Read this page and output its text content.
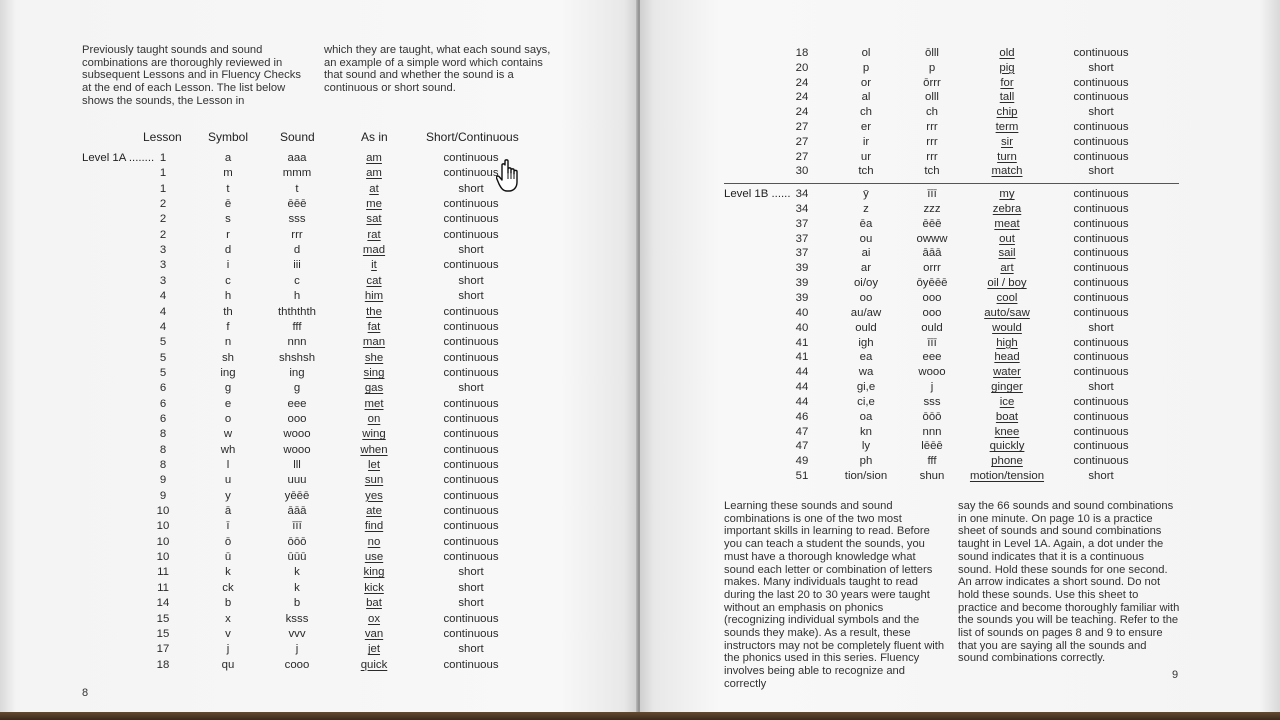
Previously taught sounds and sound combinations are thoroughly reviewed in subsequent Lessons and in Fluency Checks at the end of each Lesson. The list below shows the sounds, the Lesson in
which they are taught, what each sound says, an example of a simple word which contains that sound and whether the sound is a continuous or short sound.
Lesson Symbol	Sound	As in	Short/Continuous
Level 1A ........ 1	a	aaa	am	continuous
1	m	mmm	am	continuous
1	t	t	at	short
2	ē	ēēē	me	continuous
2	s	sss	sat	continuous
2	r	rrr	rat	continuous
3	d	d	mad	short
3	i	iii	it	continuous
3	c	c	cat	short
4	h	h	him	short
4	th	thththth	the	continuous
4	f	fff	fat	continuous
5	n	nnn	man	continuous
5	sh	shshsh	she	continuous
5	ing	ing	sing	continuous
6	g	g	gas	short
6	e	eee	met	continuous
6	o	ooo	on	continuous
8	w	wooo	wing	continuous
8	wh	wooo	when	continuous
8	l	lll	let	continuous
9	u	uuu	sun	continuous
9	y	yēēē	yes	continuous
10	ā	āāā	ate	continuous
10	ī	īīī	find	continuous
10	ō	ōōō	no	continuous
10	ū	ūūū	use	continuous
11	k	k	king	short
11	ck	k	kick	short
14	b	b	bat	short
15	x	ksss	ox	continuous
15	v	vvv	van	continuous
17	j	j	jet	short
18	qu	cooo	quick	continuous
8
18	ol	ōlll	old	continuous
20	p	p	pig	short
24	or	ōrrr	for	continuous
24	al	olll	tall	continuous
24	ch	ch	chip	short
27	er	rrr	term	continuous
27	ir	rrr	sir	continuous
27	ur	rrr	turn	continuous
30	tch	tch	match	short
Level 1B ...... 34	ȳ	īīī	my	continuous
34	z	zzz	zebra	continuous
37	ēa	ēēē	meat	continuous
37	ou	owww	out	continuous
37	ai	āāā	sail	continuous
39	ar	orrr	art	continuous
39	oi/oy	ōyēēē	oil / boy	continuous
39	oo	ooo	cool	continuous
40	au/aw	ooo	auto/saw	continuous
40	ould	ould	would	short
41	igh	īīī	high	continuous
41	ea	eee	head	continuous
44	wa	wooo	water	continuous
44	gi,e	j	ginger	short
44	ci,e	sss	ice	continuous
46	oa	ōōō	boat	continuous
47	kn	nnn	knee	continuous
47	ly	lēēē	quickly	continuous
49	ph	fff	phone	continuous
51	tion/sion	shun	motion/tension	short
Learning these sounds and sound combinations is one of the two most important skills in learning to read. Before you can teach a student the sounds, you must have a thorough knowledge what sound each letter or combination of letters makes. Many individuals taught to read during the last 20 to 30 years were taught without an emphasis on phonics (recognizing individual symbols and the sounds they make). As a result, these instructors may not be completely fluent with the phonics used in this series. Fluency involves being able to recognize and correctly
say the 66 sounds and sound combinations in one minute. On page 10 is a practice sheet of sounds and sound combinations taught in Level 1A. Again, a dot under the sound indicates that it is a continuous sound. Hold these sounds for one second. An arrow indicates a short sound. Do not hold these sounds. Use this sheet to practice and become thoroughly familiar with the sounds you will be teaching. Refer to the list of sounds on pages 8 and 9 to ensure that you are saying all the sounds and sound combinations correctly.
9
